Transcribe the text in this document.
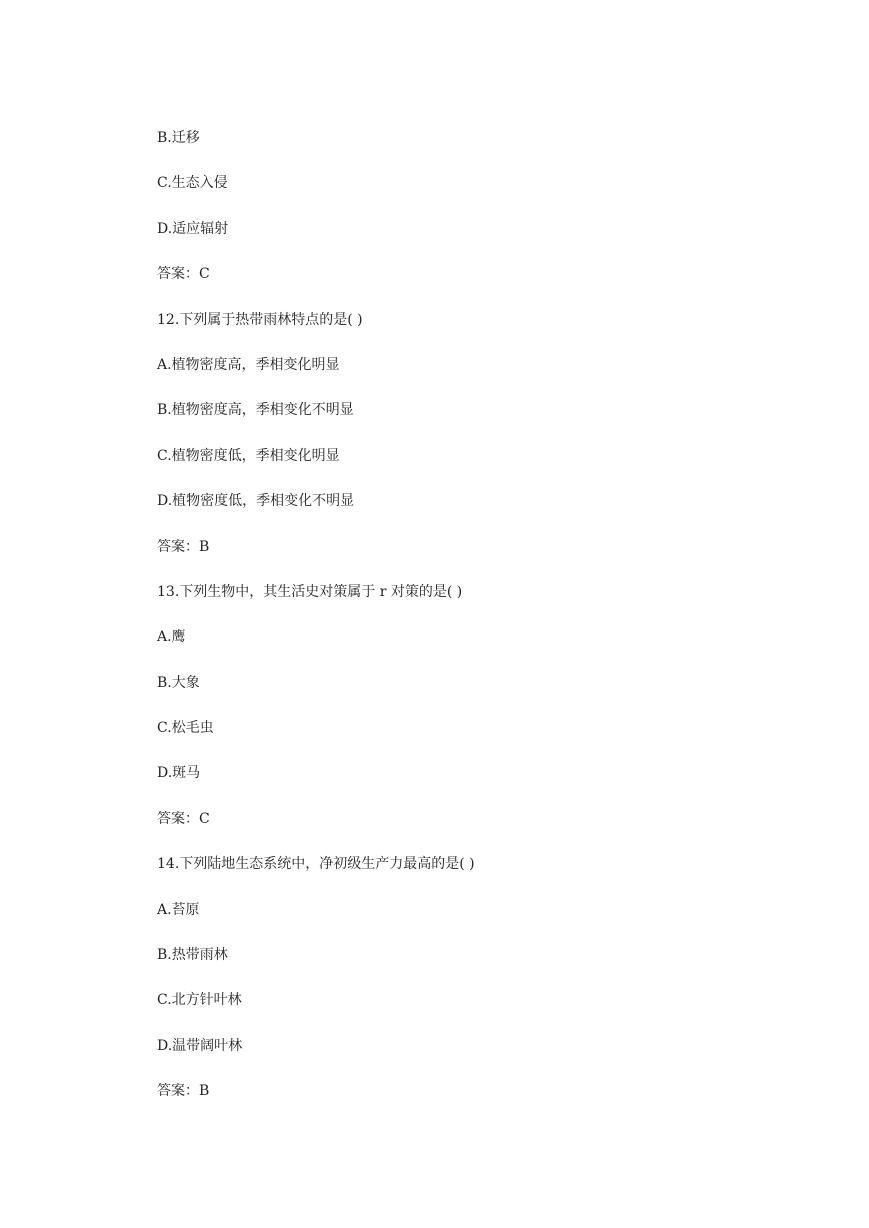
B.迁移
C.生态入侵
D.适应辐射
答案：C
12.下列属于热带雨林特点的是( )
A.植物密度高，季相变化明显
B.植物密度高，季相变化不明显
C.植物密度低，季相变化明显
D.植物密度低，季相变化不明显
答案：B
13.下列生物中，其生活史对策属于 r 对策的是( )
A.鹰
B.大象
C.松毛虫
D.斑马
答案：C
14.下列陆地生态系统中，净初级生产力最高的是( )
A.苔原
B.热带雨林
C.北方针叶林
D.温带阔叶林
答案：B
